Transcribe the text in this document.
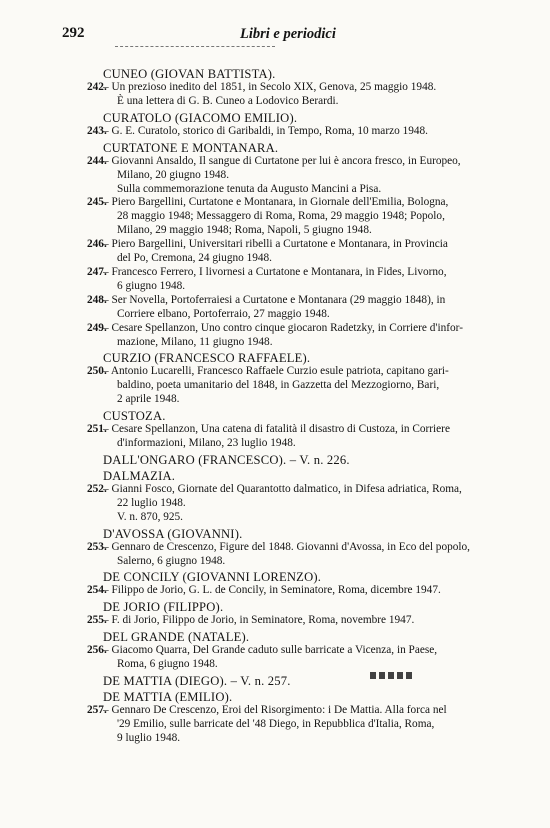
292	Libri e periodici
CUNEO (GIOVAN BATTISTA).
242.
– Un prezioso inedito del 1851, in Secolo XIX, Genova, 25 maggio 1948.
È una lettera di G. B. Cuneo a Lodovico Berardi.
CURATOLO (GIACOMO EMILIO).
243.
– G. E. Curatolo, storico di Garibaldi, in Tempo, Roma, 10 marzo 1948.
CURTATONE E MONTANARA.
244.
– Giovanni Ansaldo, Il sangue di Curtatone per lui è ancora fresco, in Europeo,
Milano, 20 giugno 1948.
Sulla commemorazione tenuta da Augusto Mancini a Pisa.
245.
– Piero Bargellini, Curtatone e Montanara, in Giornale dell'Emilia, Bologna,
28 maggio 1948; Messaggero di Roma, Roma, 29 maggio 1948; Popolo,
Milano, 29 maggio 1948; Roma, Napoli, 5 giugno 1948.
246.
– Piero Bargellini, Universitari ribelli a Curtatone e Montanara, in Provincia
del Po, Cremona, 24 giugno 1948.
247.
– Francesco Ferrero, I livornesi a Curtatone e Montanara, in Fides, Livorno,
6 giugno 1948.
248.
– Ser Novella, Portoferraiesi a Curtatone e Montanara (29 maggio 1848), in
Corriere elbano, Portoferraio, 27 maggio 1948.
249.
– Cesare Spellanzon, Uno contro cinque giocaron Radetzky, in Corriere d'infor-
mazione, Milano, 11 giugno 1948.
CURZIO (FRANCESCO RAFFAELE).
250.
– Antonio Lucarelli, Francesco Raffaele Curzio esule patriota, capitano gari-
baldino, poeta umanitario del 1848, in Gazzetta del Mezzogiorno, Bari,
2 aprile 1948.
CUSTOZA.
251.
– Cesare Spellanzon, Una catena di fatalità il disastro di Custoza, in Corriere
d'informazioni, Milano, 23 luglio 1948.
DALL'ONGARO (FRANCESCO). – V. n. 226.
DALMAZIA.
252.
– Gianni Fosco, Giornate del Quarantotto dalmatico, in Difesa adriatica, Roma,
22 luglio 1948.
V. n. 870, 925.
D'AVOSSA (GIOVANNI).
253.
– Gennaro de Crescenzo, Figure del 1848. Giovanni d'Avossa, in Eco del popolo,
Salerno, 6 giugno 1948.
DE CONCILY (GIOVANNI LORENZO).
254.
– Filippo de Jorio, G. L. de Concily, in Seminatore, Roma, dicembre 1947.
DE JORIO (FILIPPO).
255.
– F. di Jorio, Filippo de Jorio, in Seminatore, Roma, novembre 1947.
DEL GRANDE (NATALE).
256.
– Giacomo Quarra, Del Grande caduto sulle barricate a Vicenza, in Paese,
Roma, 6 giugno 1948.
DE MATTIA (DIEGO). – V. n. 257.
DE MATTIA (EMILIO).
257.
– Gennaro De Crescenzo, Eroi del Risorgimento: i De Mattia. Alla forca nel
'29 Emilio, sulle barricate del '48 Diego, in Repubblica d'Italia, Roma,
9 luglio 1948.
